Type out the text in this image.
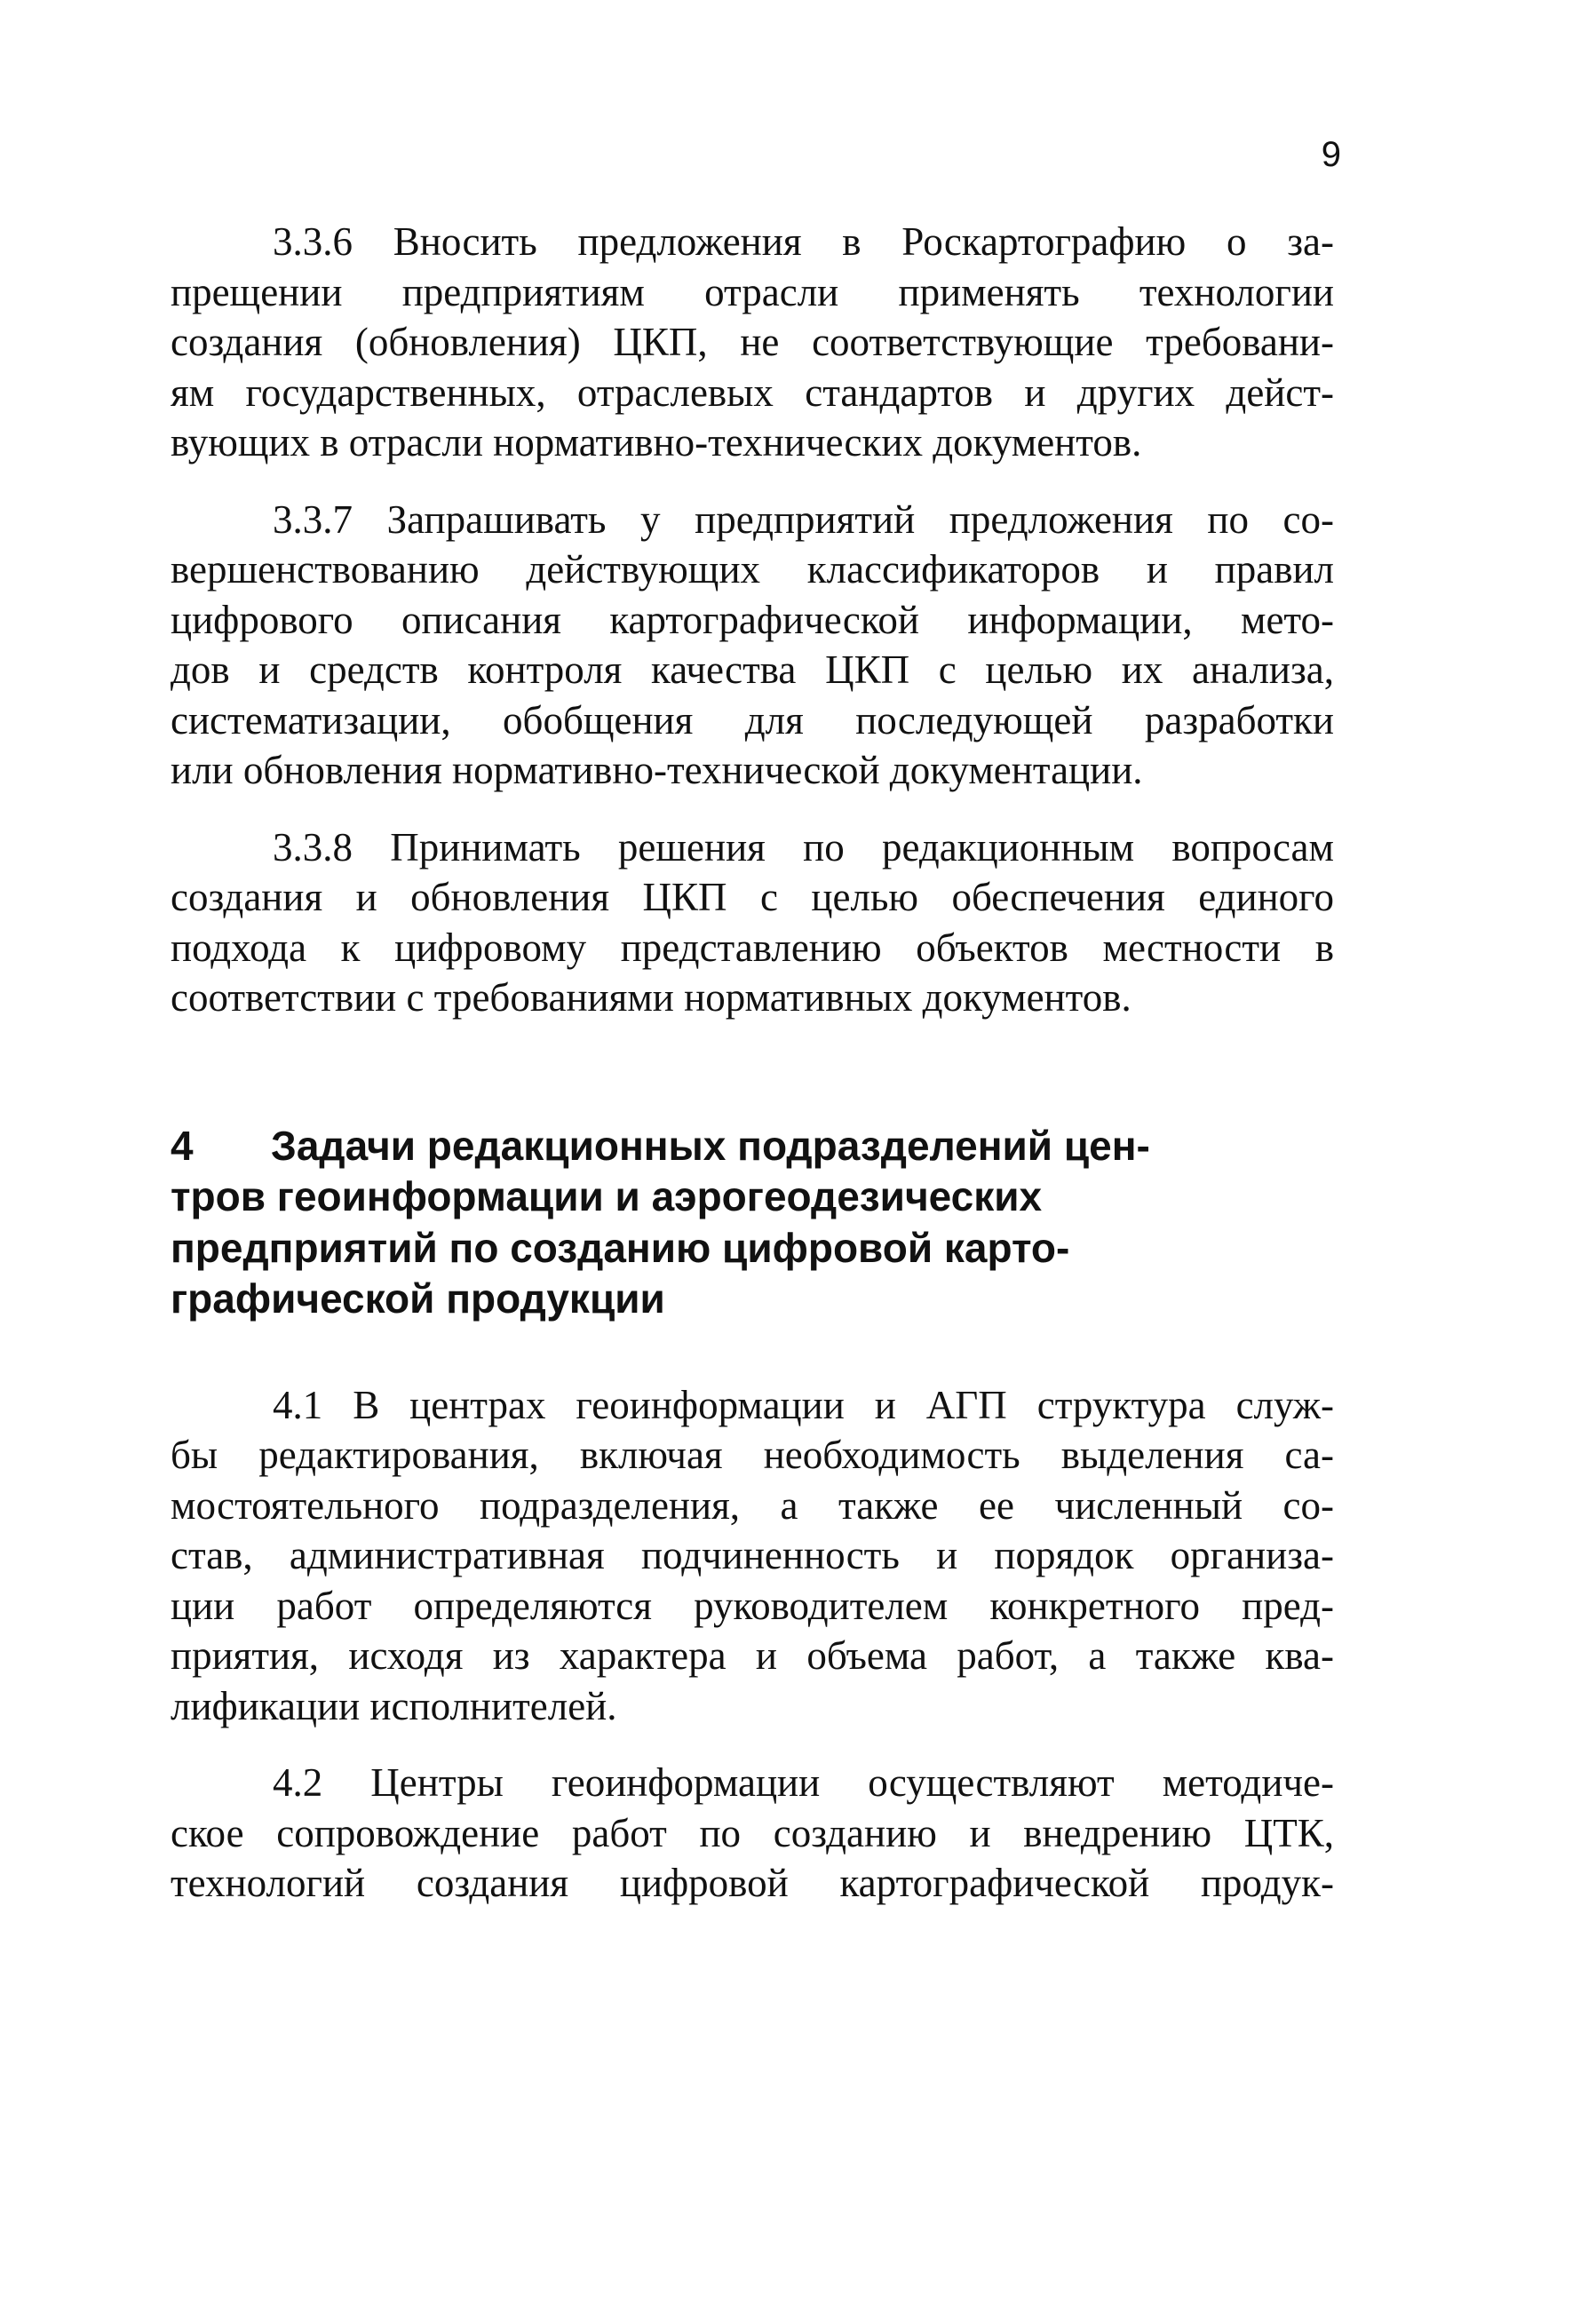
9
3.3.6 Вносить предложения в Роскартографию о за-
прещении предприятиям отрасли применять технологии
создания (обновления) ЦКП, не соответствующие требовани-
ям государственных, отраслевых стандартов и других дейст-
вующих в отрасли нормативно-технических документов.
3.3.7 Запрашивать у предприятий предложения по со-
вершенствованию действующих классификаторов и правил
цифрового описания картографической информации, мето-
дов и средств контроля качества ЦКП с целью их анализа,
систематизации, обобщения для последующей разработки
или обновления нормативно-технической документации.
3.3.8 Принимать решения по редакционным вопросам
создания и обновления ЦКП с целью обеспечения единого
подхода к цифровому представлению объектов местности в
соответствии с требованиями нормативных документов.
4 Задачи редакционных подразделений цен-
тров геоинформации и аэрогеодезических
предприятий по созданию цифровой карто-
графической продукции
4.1 В центрах геоинформации и АГП структура служ-
бы редактирования, включая необходимость выделения са-
мостоятельного подразделения, а также ее численный со-
став, административная подчиненность и порядок организа-
ции работ определяются руководителем конкретного пред-
приятия, исходя из характера и объема работ, а также ква-
лификации исполнителей.
4.2 Центры геоинформации осуществляют методиче-
ское сопровождение работ по созданию и внедрению ЦТК,
технологий создания цифровой картографической продук-
